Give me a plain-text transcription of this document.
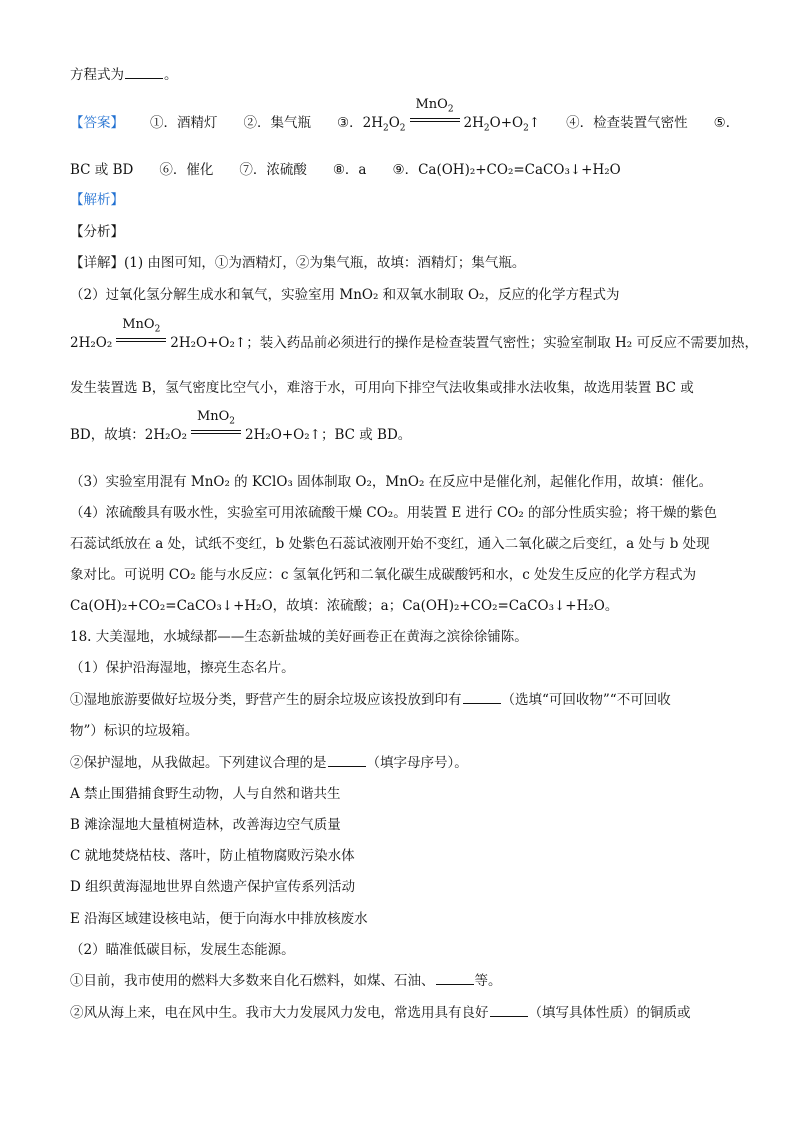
方程式为	。
【答案】 ①．酒精灯 ②．集气瓶 ③．$2H_2O_2$
MnO$_2$
$2H_2O+O_2↑$ ④．检查装置气密性 ⑤．
BC 或 BD ⑥．催化 ⑦．浓硫酸 ⑧．a ⑨．Ca(OH)₂+CO₂=CaCO₃↓+H₂O
【解析】
【分析】
【详解】(1) 由图可知，①为酒精灯，②为集气瓶，故填：酒精灯；集气瓶。
（2）过氧化氢分解生成水和氧气，实验室用 MnO₂ 和双氧水制取 O₂，反应的化学方程式为
2H₂O₂
MnO$_2$
2H₂O+O₂↑；装入药品前必须进行的操作是检查装置气密性；实验室制取 H₂ 可反应不需要加热，
发生装置选 B，氢气密度比空气小，难溶于水，可用向下排空气法收集或排水法收集，故选用装置 BC 或
BD，故填：2H₂O₂
MnO$_2$
2H₂O+O₂↑；BC 或 BD。
（3）实验室用混有 MnO₂ 的 KClO₃ 固体制取 O₂，MnO₂ 在反应中是催化剂，起催化作用，故填：催化。
（4）浓硫酸具有吸水性，实验室可用浓硫酸干燥 CO₂。用装置 E 进行 CO₂ 的部分性质实验；将干燥的紫色
石蕊试纸放在 a 处，试纸不变红，b 处紫色石蕊试液刚开始不变红，通入二氧化碳之后变红，a 处与 b 处现
象对比。可说明 CO₂ 能与水反应：c 氢氧化钙和二氧化碳生成碳酸钙和水，c 处发生反应的化学方程式为
Ca(OH)₂+CO₂=CaCO₃↓+H₂O，故填：浓硫酸；a；Ca(OH)₂+CO₂=CaCO₃↓+H₂O。
18. 大美湿地，水城绿都——生态新盐城的美好画卷正在黄海之滨徐徐铺陈。
（1）保护沿海湿地，擦亮生态名片。
①湿地旅游要做好垃圾分类，野营产生的厨余垃圾应该投放到印有	（选填“可回收物”“不可回收
物”）标识的垃圾箱。
②保护湿地，从我做起。下列建议合理的是	（填字母序号）。
A 禁止围猎捕食野生动物，人与自然和谐共生
B 滩涂湿地大量植树造林，改善海边空气质量
C 就地焚烧枯枝、落叶，防止植物腐败污染水体
D 组织黄海湿地世界自然遗产保护宣传系列活动
E 沿海区域建设核电站，便于向海水中排放核废水
（2）瞄准低碳目标，发展生态能源。
①目前，我市使用的燃料大多数来自化石燃料，如煤、石油、	等。
②风从海上来，电在风中生。我市大力发展风力发电，常选用具有良好	（填写具体性质）的铜质或
